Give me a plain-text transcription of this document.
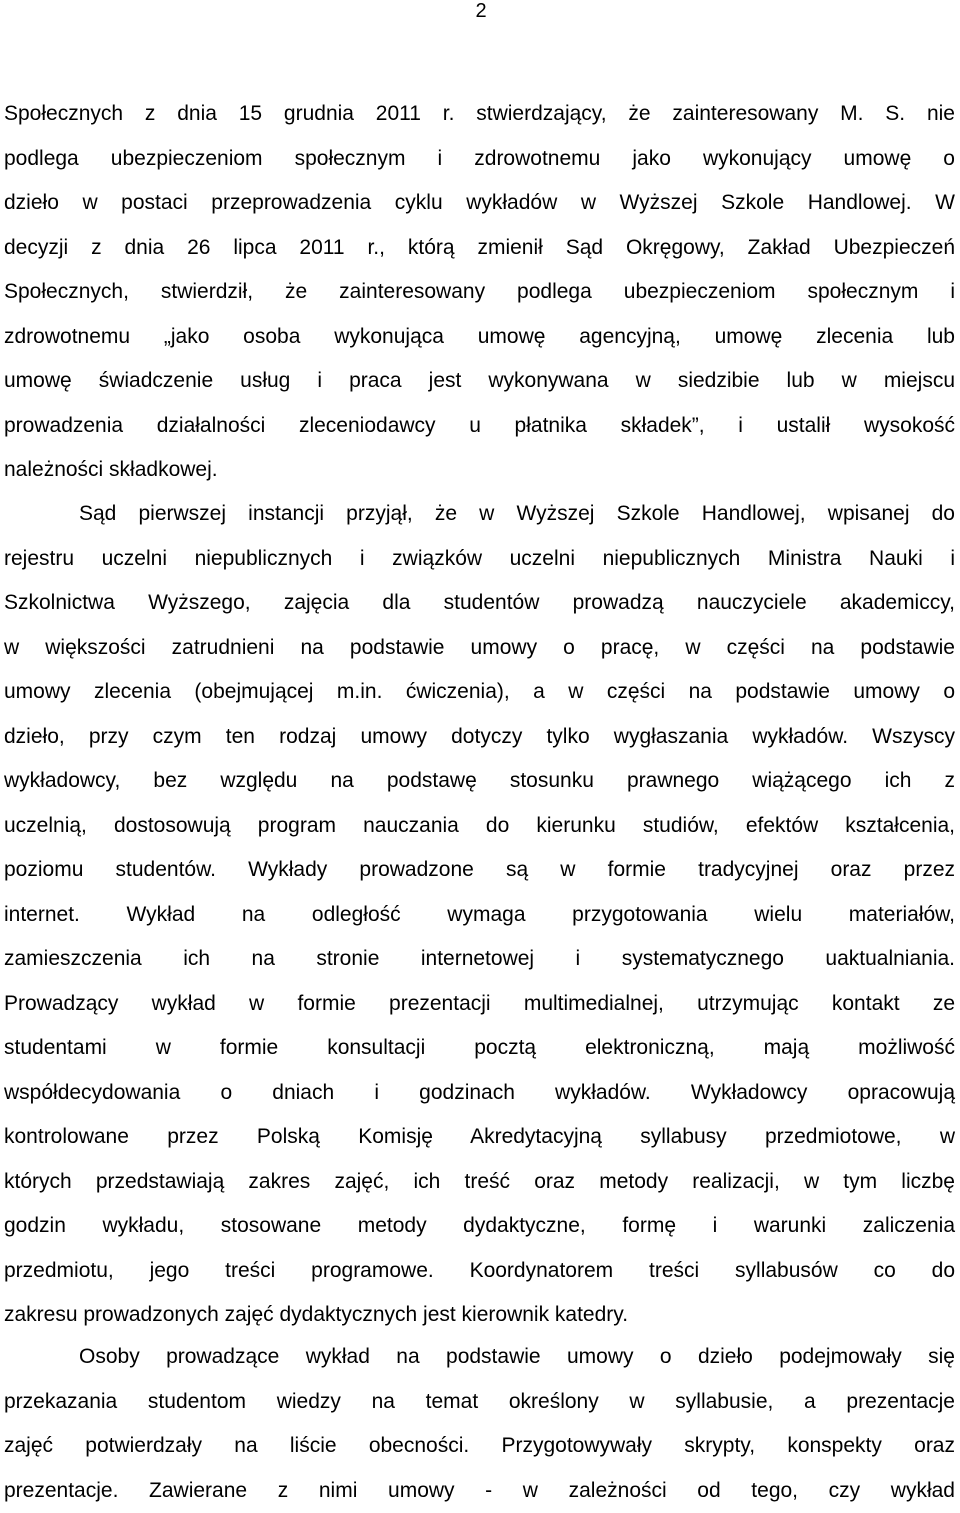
2
Społecznych z dnia 15 grudnia 2011 r. stwierdzający, że zainteresowany M. S. nie
podlega ubezpieczeniom społecznym i zdrowotnemu jako wykonujący umowę o
dzieło w postaci przeprowadzenia cyklu wykładów w Wyższej Szkole Handlowej. W
decyzji z dnia 26 lipca 2011 r., którą zmienił Sąd Okręgowy, Zakład Ubezpieczeń
Społecznych, stwierdził, że zainteresowany podlega ubezpieczeniom społecznym i
zdrowotnemu „jako osoba wykonująca umowę agencyjną, umowę zlecenia lub
umowę świadczenie usług i praca jest wykonywana w siedzibie lub w miejscu
prowadzenia działalności zleceniodawcy u płatnika składek”, i ustalił wysokość
należności składkowej.
Sąd pierwszej instancji przyjął, że w Wyższej Szkole Handlowej, wpisanej do
rejestru uczelni niepublicznych i związków uczelni niepublicznych Ministra Nauki i
Szkolnictwa Wyższego, zajęcia dla studentów prowadzą nauczyciele akademiccy,
w większości zatrudnieni na podstawie umowy o pracę, w części na podstawie
umowy zlecenia (obejmującej m.in. ćwiczenia), a w części na podstawie umowy o
dzieło, przy czym ten rodzaj umowy dotyczy tylko wygłaszania wykładów. Wszyscy
wykładowcy, bez względu na podstawę stosunku prawnego wiążącego ich z
uczelnią, dostosowują program nauczania do kierunku studiów, efektów kształcenia,
poziomu studentów. Wykłady prowadzone są w formie tradycyjnej oraz przez
internet. Wykład na odległość wymaga przygotowania wielu materiałów,
zamieszczenia ich na stronie internetowej i systematycznego uaktualniania.
Prowadzący wykład w formie prezentacji multimedialnej, utrzymując kontakt ze
studentami w formie konsultacji pocztą elektroniczną, mają możliwość
współdecydowania o dniach i godzinach wykładów. Wykładowcy opracowują
kontrolowane przez Polską Komisję Akredytacyjną syllabusy przedmiotowe, w
których przedstawiają zakres zajęć, ich treść oraz metody realizacji, w tym liczbę
godzin wykładu, stosowane metody dydaktyczne, formę i warunki zaliczenia
przedmiotu, jego treści programowe. Koordynatorem treści syllabusów co do
zakresu prowadzonych zajęć dydaktycznych jest kierownik katedry.
Osoby prowadzące wykład na podstawie umowy o dzieło podejmowały się
przekazania studentom wiedzy na temat określony w syllabusie, a prezentacje
zajęć potwierdzały na liście obecności. Przygotowywały skrypty, konspekty oraz
prezentacje. Zawierane z nimi umowy - w zależności od tego, czy wykład
